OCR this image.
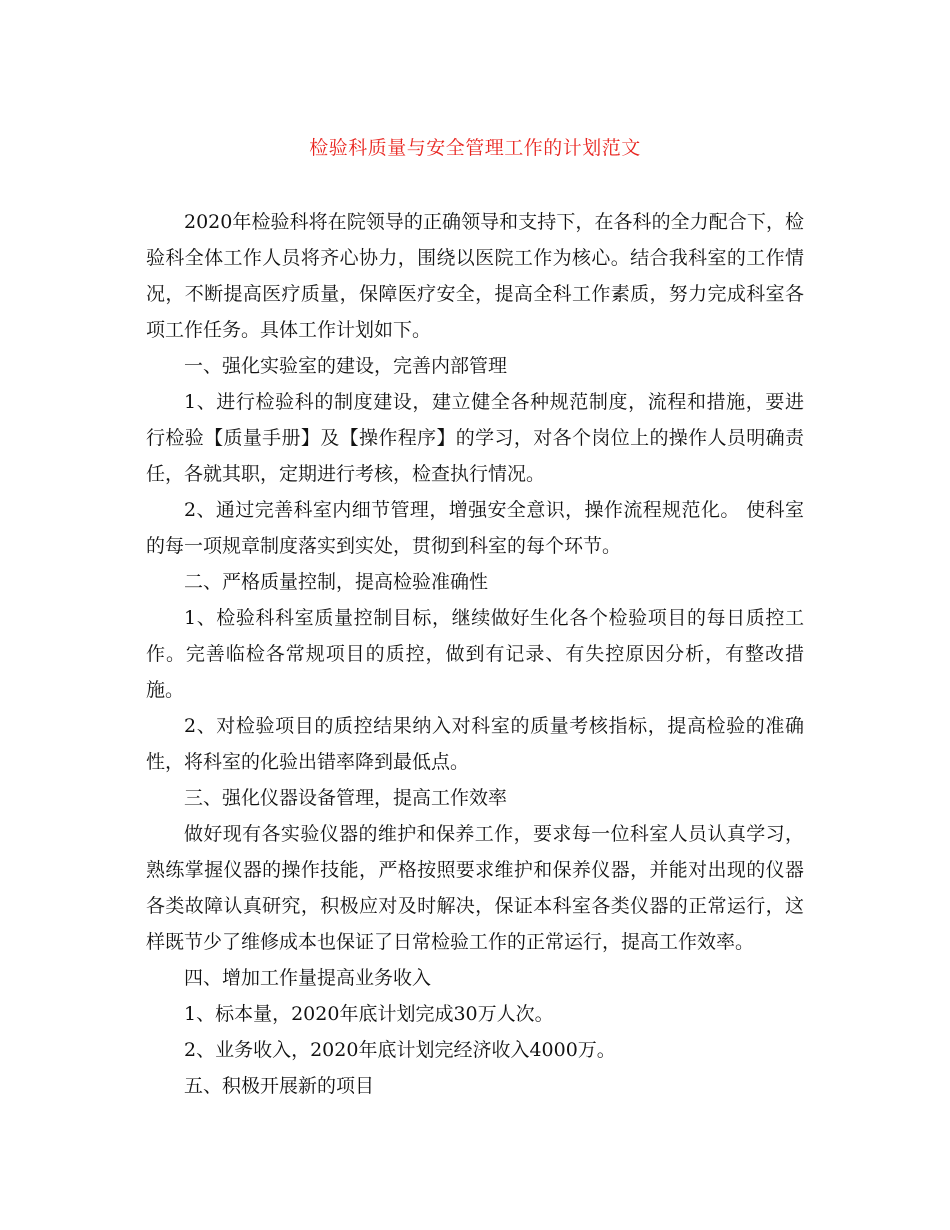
检验科质量与安全管理工作的计划范文

2020年检验科将在院领导的正确领导和支持下，在各科的全力配合下，检验科全体工作人员将齐心协力，围绕以医院工作为核心。结合我科室的工作情况，不断提高医疗质量，保障医疗安全，提高全科工作素质，努力完成科室各项工作任务。具体工作计划如下。

一、强化实验室的建设，完善内部管理

1、进行检验科的制度建设，建立健全各种规范制度，流程和措施，要进行检验【质量手册】及【操作程序】的学习，对各个岗位上的操作人员明确责任，各就其职，定期进行考核，检查执行情况。

2、通过完善科室内细节管理，增强安全意识，操作流程规范化。 使科室的每一项规章制度落实到实处，贯彻到科室的每个环节。

二、严格质量控制，提高检验准确性

1、检验科科室质量控制目标，继续做好生化各个检验项目的每日质控工作。完善临检各常规项目的质控，做到有记录、有失控原因分析，有整改措施。

2、对检验项目的质控结果纳入对科室的质量考核指标，提高检验的准确性，将科室的化验出错率降到最低点。

三、强化仪器设备管理，提高工作效率

做好现有各实验仪器的维护和保养工作，要求每一位科室人员认真学习，熟练掌握仪器的操作技能，严格按照要求维护和保养仪器，并能对出现的仪器各类故障认真研究，积极应对及时解决，保证本科室各类仪器的正常运行，这样既节少了维修成本也保证了日常检验工作的正常运行，提高工作效率。

四、增加工作量提高业务收入

1、标本量，2020年底计划完成30万人次。

2、业务收入，2020年底计划完经济收入4000万。

五、积极开展新的项目
